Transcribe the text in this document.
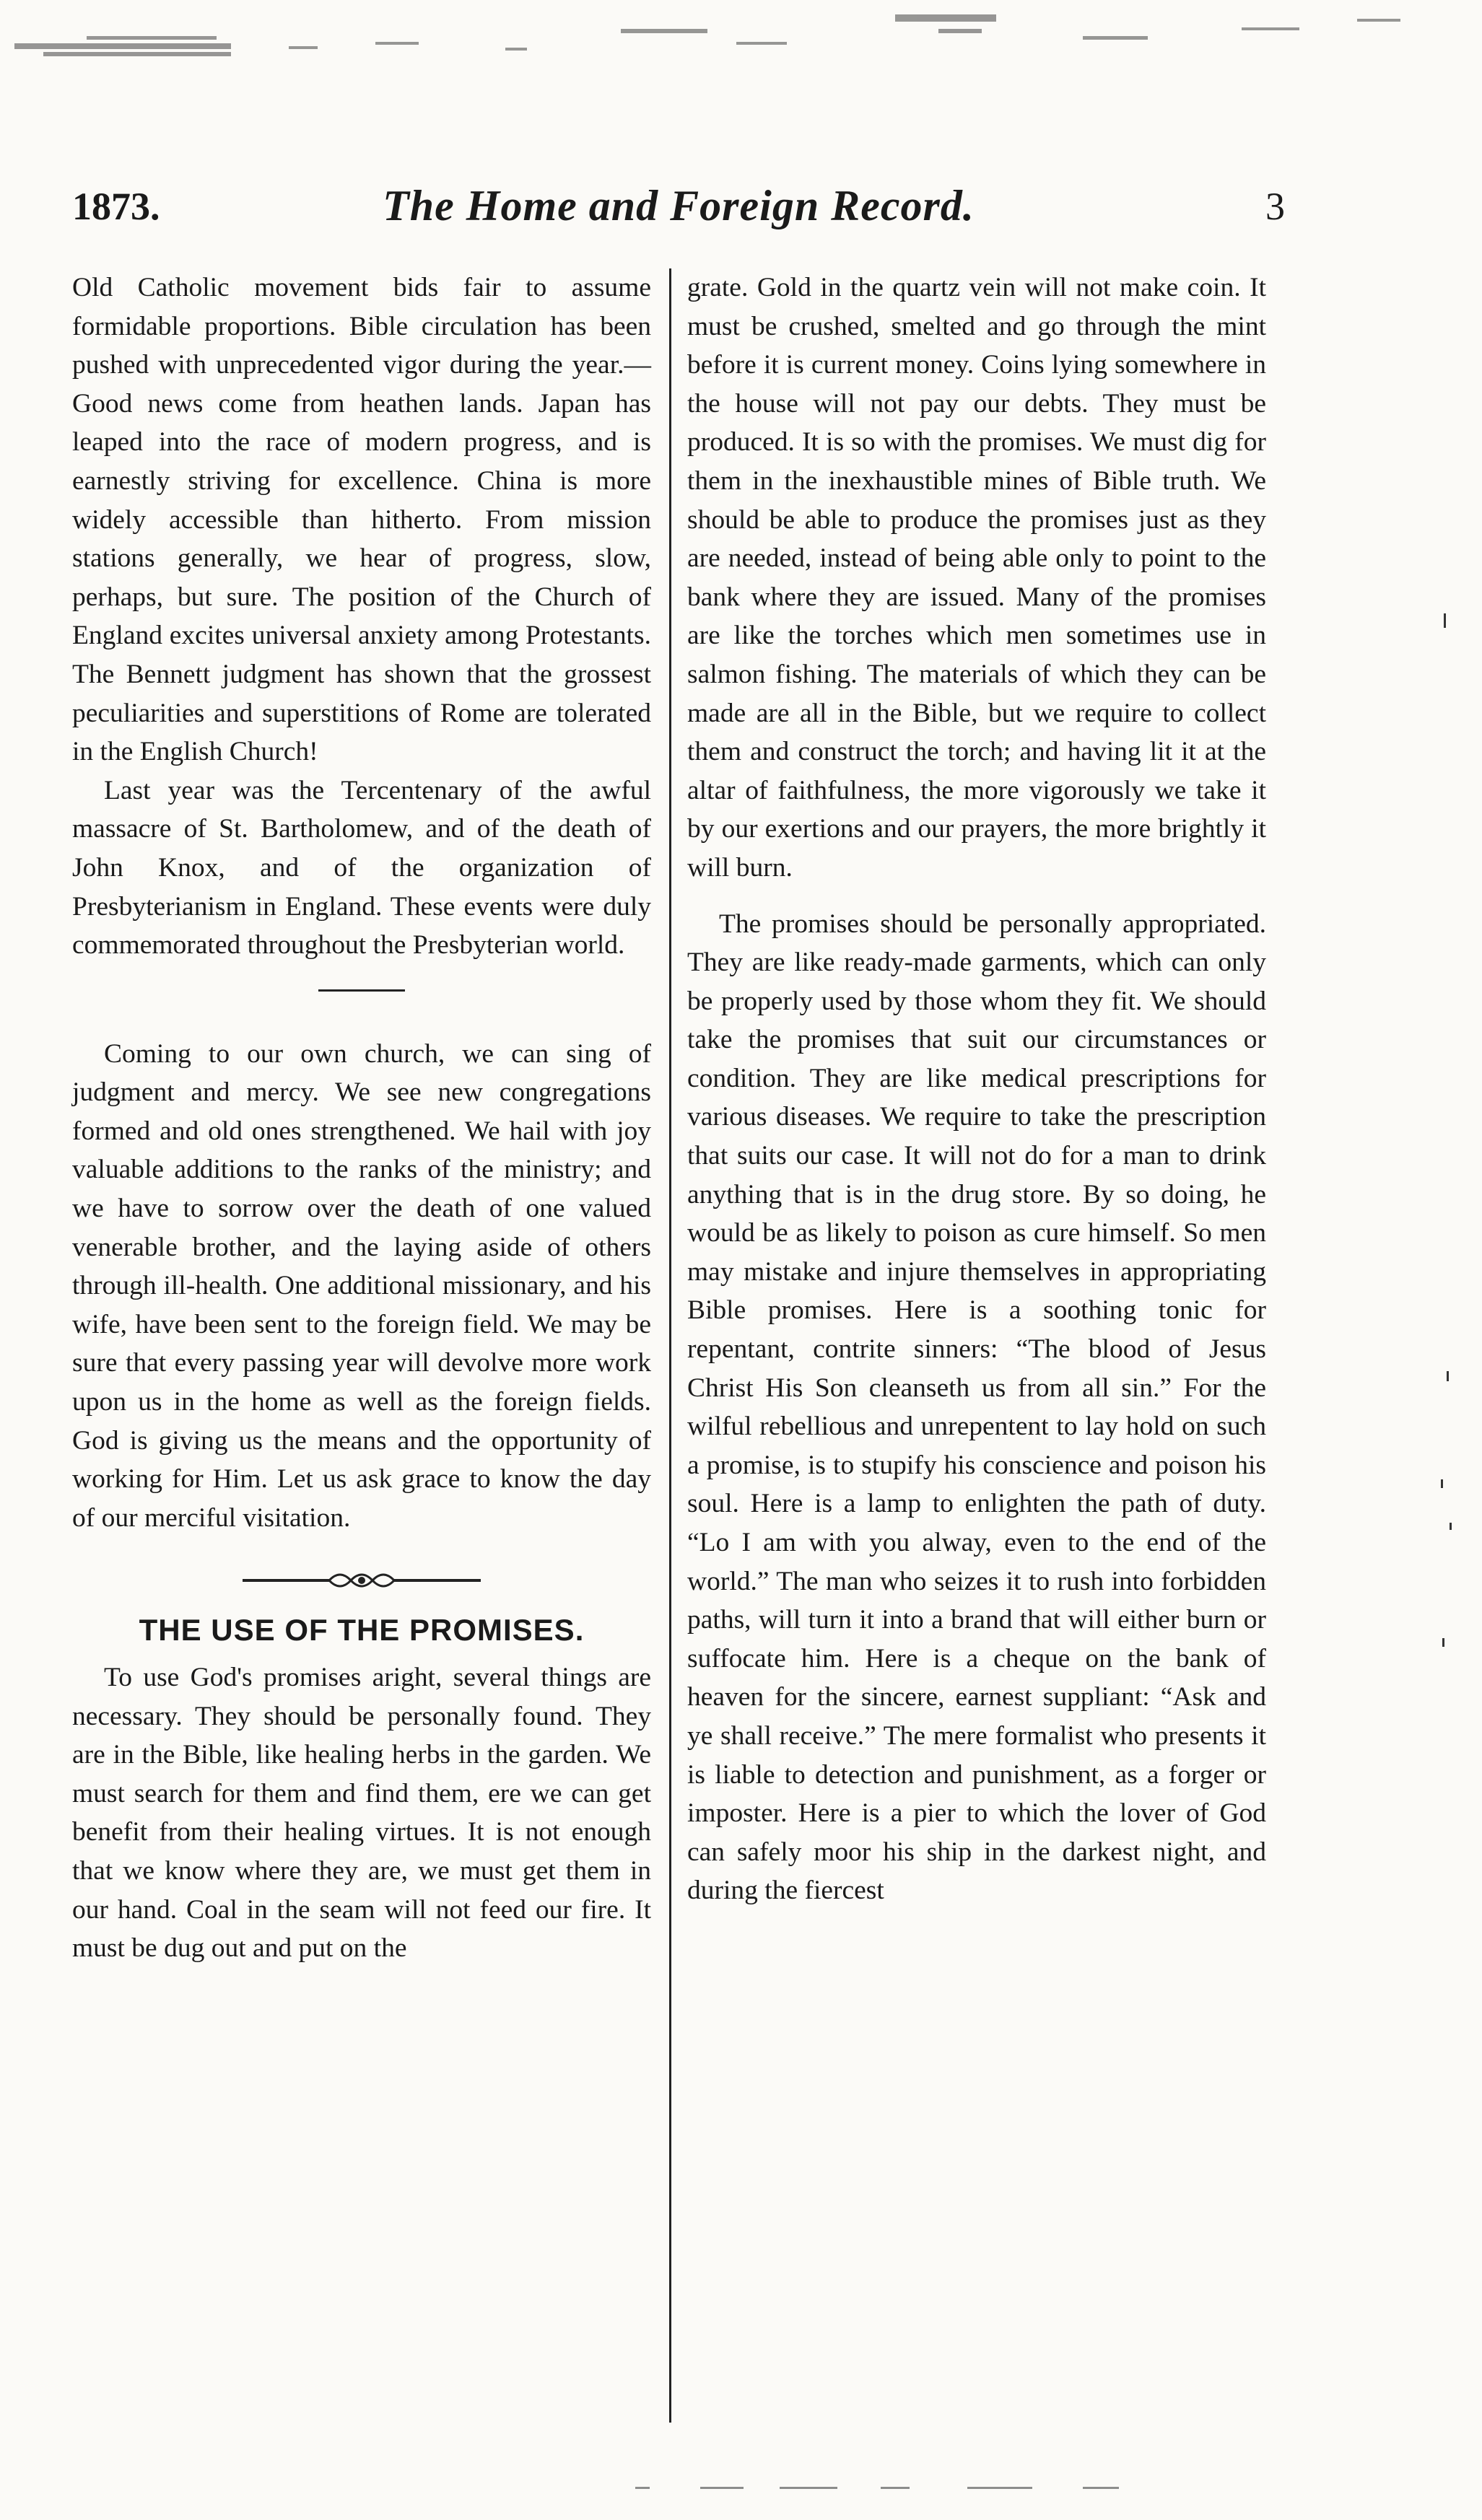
1873.	The Home and Foreign Record.	3

Old Catholic movement bids fair to assume formidable proportions. Bible circulation has been pushed with unprecedented vigor during the year.—Good news come from heathen lands. Japan has leaped into the race of modern progress, and is earnestly striving for excellence. China is more widely accessible than hitherto. From mission stations generally, we hear of progress, slow, perhaps, but sure. The position of the Church of England excites universal anxiety among Protestants. The Bennett judgment has shown that the grossest peculiarities and superstitions of Rome are tolerated in the English Church!

Last year was the Tercentenary of the awful massacre of St. Bartholomew, and of the death of John Knox, and of the organization of Presbyterianism in England. These events were duly commemorated throughout the Presbyterian world.

Coming to our own church, we can sing of judgment and mercy. We see new congregations formed and old ones strengthened. We hail with joy valuable additions to the ranks of the ministry; and we have to sorrow over the death of one valued venerable brother, and the laying aside of others through ill-health. One additional missionary, and his wife, have been sent to the foreign field. We may be sure that every passing year will devolve more work upon us in the home as well as the foreign fields. God is giving us the means and the opportunity of working for Him. Let us ask grace to know the day of our merciful visitation.

THE USE OF THE PROMISES.

To use God's promises aright, several things are necessary. They should be personally found. They are in the Bible, like healing herbs in the garden. We must search for them and find them, ere we can get benefit from their healing virtues. It is not enough that we know where they are, we must get them in our hand. Coal in the seam will not feed our fire. It must be dug out and put on the

grate. Gold in the quartz vein will not make coin. It must be crushed, smelted and go through the mint before it is current money. Coins lying somewhere in the house will not pay our debts. They must be produced. It is so with the promises. We must dig for them in the inexhaustible mines of Bible truth. We should be able to produce the promises just as they are needed, instead of being able only to point to the bank where they are issued. Many of the promises are like the torches which men sometimes use in salmon fishing. The materials of which they can be made are all in the Bible, but we require to collect them and construct the torch; and having lit it at the altar of faithfulness, the more vigorously we take it by our exertions and our prayers, the more brightly it will burn.

The promises should be personally appropriated. They are like ready-made garments, which can only be properly used by those whom they fit. We should take the promises that suit our circumstances or condition. They are like medical prescriptions for various diseases. We require to take the prescription that suits our case. It will not do for a man to drink anything that is in the drug store. By so doing, he would be as likely to poison as cure himself. So men may mistake and injure themselves in appropriating Bible promises. Here is a soothing tonic for repentant, contrite sinners: “The blood of Jesus Christ His Son cleanseth us from all sin.” For the wilful rebellious and unrepentent to lay hold on such a promise, is to stupify his conscience and poison his soul. Here is a lamp to enlighten the path of duty. “Lo I am with you alway, even to the end of the world.” The man who seizes it to rush into forbidden paths, will turn it into a brand that will either burn or suffocate him. Here is a cheque on the bank of heaven for the sincere, earnest suppliant: “Ask and ye shall receive.” The mere formalist who presents it is liable to detection and punishment, as a forger or imposter. Here is a pier to which the lover of God can safely moor his ship in the darkest night, and during the fiercest
